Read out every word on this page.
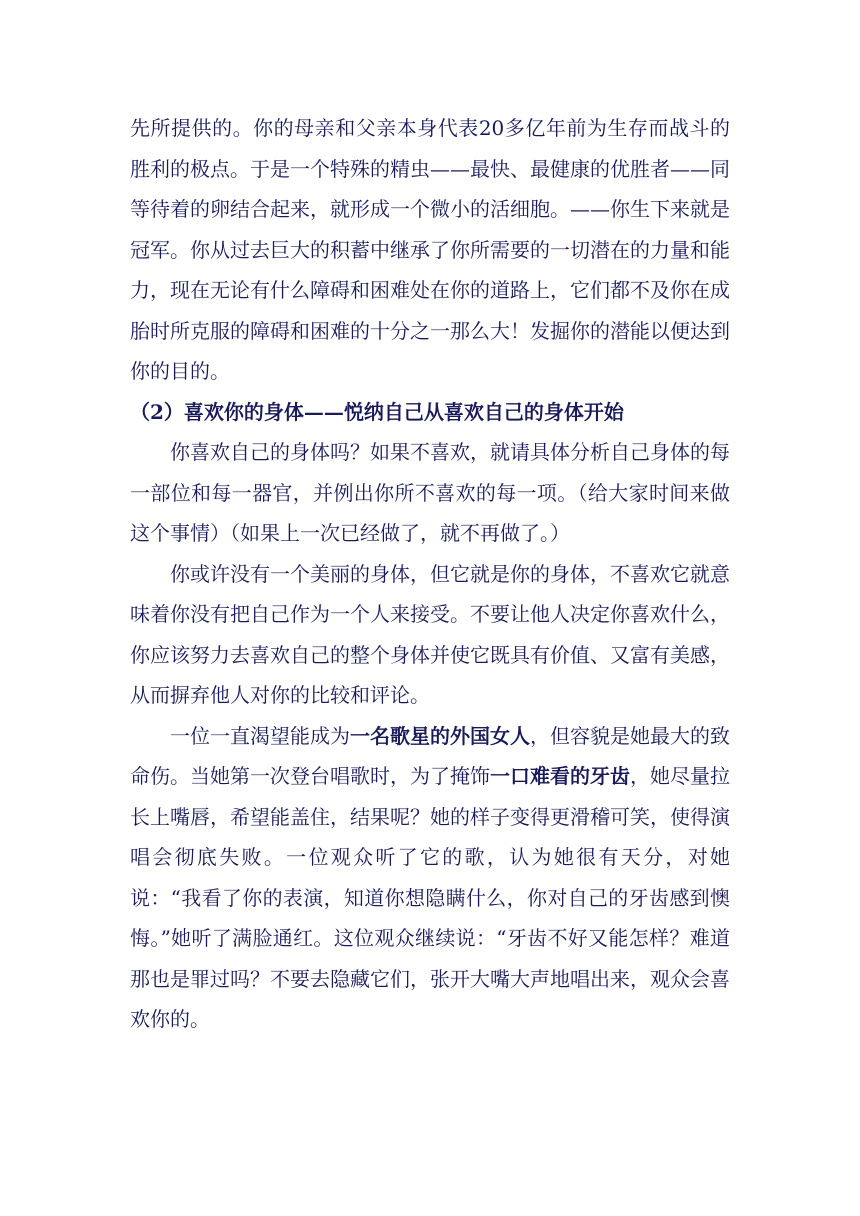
先所提供的。你的母亲和父亲本身代表20多亿年前为生存而战斗的胜利的极点。于是一个特殊的精虫——最快、最健康的优胜者——同等待着的卵结合起来，就形成一个微小的活细胞。——你生下来就是冠军。你从过去巨大的积蓄中继承了你所需要的一切潜在的力量和能力，现在无论有什么障碍和困难处在你的道路上，它们都不及你在成胎时所克服的障碍和困难的十分之一那么大！发掘你的潜能以便达到你的目的。

（2）喜欢你的身体——悦纳自己从喜欢自己的身体开始

你喜欢自己的身体吗？如果不喜欢，就请具体分析自己身体的每一部位和每一器官，并例出你所不喜欢的每一项。（给大家时间来做这个事情）（如果上一次已经做了，就不再做了。）

你或许没有一个美丽的身体，但它就是你的身体，不喜欢它就意味着你没有把自己作为一个人来接受。不要让他人决定你喜欢什么，你应该努力去喜欢自己的整个身体并使它既具有价值、又富有美感，从而摒弃他人对你的比较和评论。

一位一直渴望能成为一名歌星的外国女人，但容貌是她最大的致命伤。当她第一次登台唱歌时，为了掩饰一口难看的牙齿，她尽量拉长上嘴唇，希望能盖住，结果呢？她的样子变得更滑稽可笑，使得演唱会彻底失败。一位观众听了它的歌，认为她很有天分，对她说：“我看了你的表演，知道你想隐瞒什么，你对自己的牙齿感到懊悔。”她听了满脸通红。这位观众继续说：“牙齿不好又能怎样？难道那也是罪过吗？不要去隐藏它们，张开大嘴大声地唱出来，观众会喜欢你的。
